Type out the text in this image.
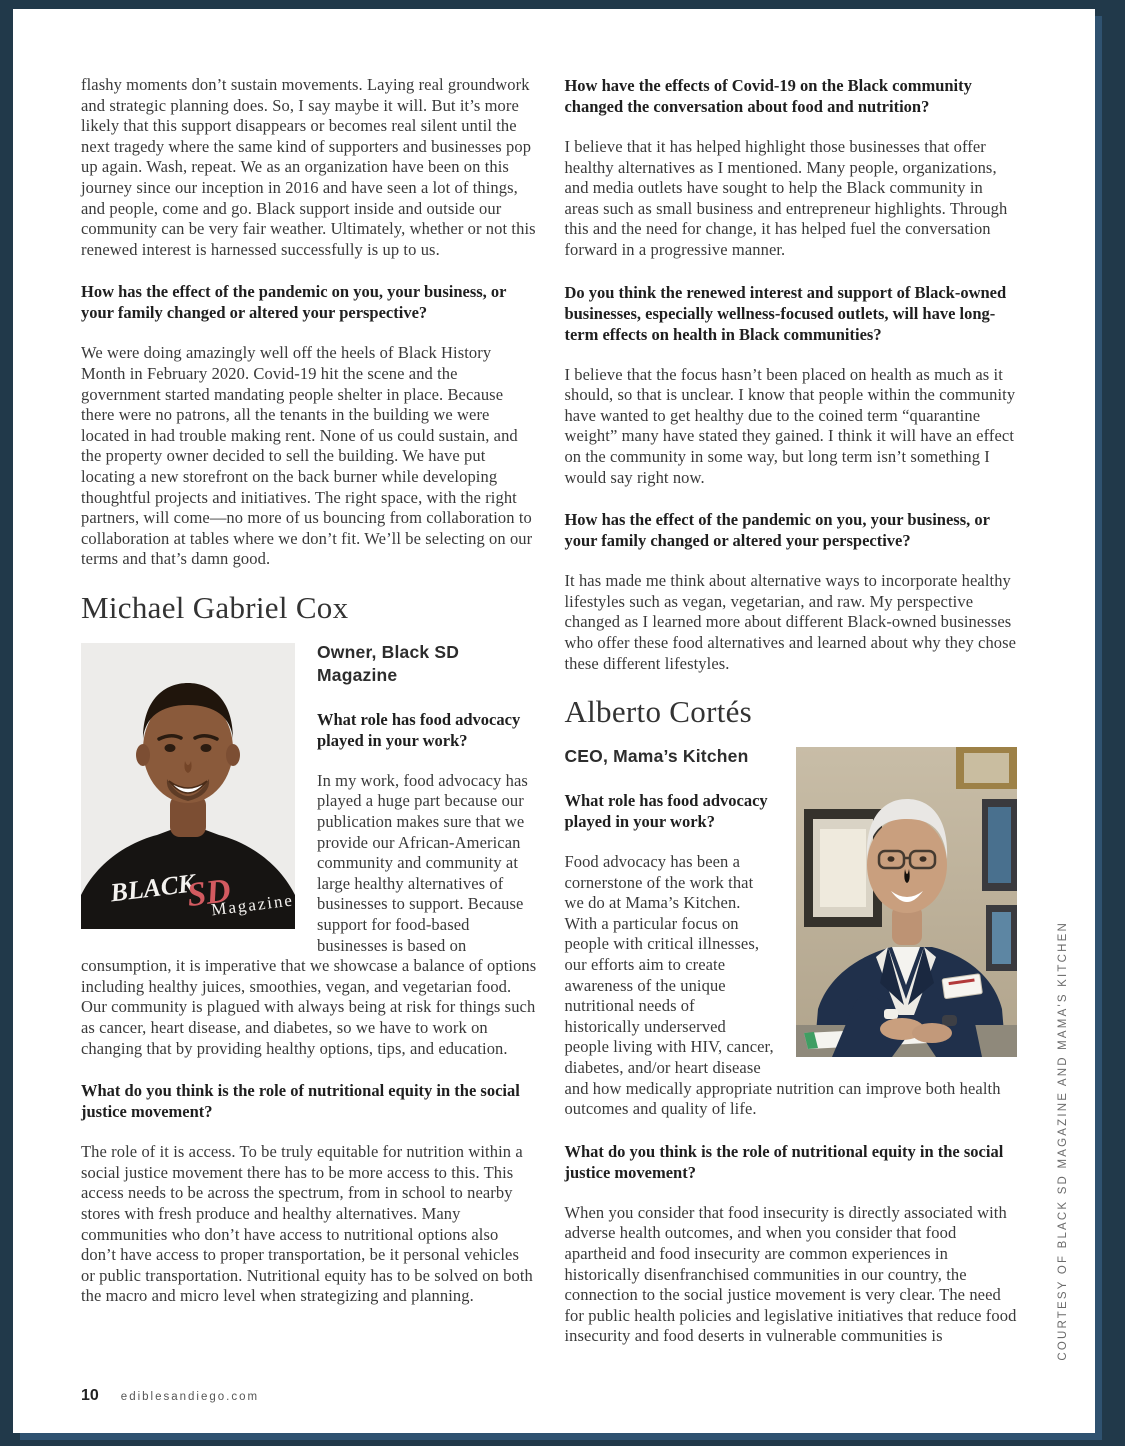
flashy moments don’t sustain movements. Laying real groundwork and strategic planning does. So, I say maybe it will. But it’s more likely that this support disappears or becomes real silent until the next tragedy where the same kind of supporters and businesses pop up again. Wash, repeat. We as an organization have been on this journey since our inception in 2016 and have seen a lot of things, and people, come and go. Black support inside and outside our community can be very fair weather. Ultimately, whether or not this renewed interest is harnessed successfully is up to us.

How has the effect of the pandemic on you, your business, or your family changed or altered your perspective?

We were doing amazingly well off the heels of Black History Month in February 2020. Covid-19 hit the scene and the government started mandating people shelter in place. Because there were no patrons, all the tenants in the building we were located in had trouble making rent. None of us could sustain, and the property owner decided to sell the building. We have put locating a new storefront on the back burner while developing thoughtful projects and initiatives. The right space, with the right partners, will come—no more of us bouncing from collaboration to collaboration at tables where we don’t fit. We’ll be selecting on our terms and that’s damn good.

Michael Gabriel Cox
BLACK
SD
Magazine

Owner, Black SD Magazine

What role has food advocacy played in your work?

In my work, food advocacy has played a huge part because our publication makes sure that we provide our African-American community and community at large healthy alternatives of businesses to support. Because support for food-based businesses is based on consumption, it is imperative that we showcase a balance of options including healthy juices, smoothies, vegan, and vegetarian food. Our community is plagued with always being at risk for things such as cancer, heart disease, and diabetes, so we have to work on changing that by providing healthy options, tips, and education.

What do you think is the role of nutritional equity in the social justice movement?

The role of it is access. To be truly equitable for nutrition within a social justice movement there has to be more access to this. This access needs to be across the spectrum, from in school to nearby stores with fresh produce and healthy alternatives. Many communities who don’t have access to nutritional options also don’t have access to proper transportation, be it personal vehicles or public transportation. Nutritional equity has to be solved on both the macro and micro level when strategizing and planning.

How have the effects of Covid-19 on the Black community changed the conversation about food and nutrition?

I believe that it has helped highlight those businesses that offer healthy alternatives as I mentioned. Many people, organizations, and media outlets have sought to help the Black community in areas such as small business and entrepreneur highlights. Through this and the need for change, it has helped fuel the conversation forward in a progressive manner.

Do you think the renewed interest and support of Black-owned businesses, especially wellness-focused outlets, will have long-term effects on health in Black communities?

I believe that the focus hasn’t been placed on health as much as it should, so that is unclear. I know that people within the community have wanted to get healthy due to the coined term “quarantine weight” many have stated they gained. I think it will have an effect on the community in some way, but long term isn’t something I would say right now.

How has the effect of the pandemic on you, your business, or your family changed or altered your perspective?

It has made me think about alternative ways to incorporate healthy lifestyles such as vegan, vegetarian, and raw. My perspective changed as I learned more about different Black-owned businesses who offer these food alternatives and learned about why they chose these different lifestyles.

Alberto Cortés

CEO, Mama’s Kitchen

What role has food advocacy played in your work?

Food advocacy has been a cornerstone of the work that we do at Mama’s Kitchen. With a particular focus on people with critical illnesses, our efforts aim to create awareness of the unique nutritional needs of historically underserved people living with HIV, cancer, diabetes, and/or heart disease and how medically appropriate nutrition can improve both health outcomes and quality of life.

What do you think is the role of nutritional equity in the social justice movement?

When you consider that food insecurity is directly associated with adverse health outcomes, and when you consider that food apartheid and food insecurity are common experiences in historically disenfranchised communities in our country, the connection to the social justice movement is very clear. The need for public health policies and legislative initiatives that reduce food insecurity and food deserts in vulnerable communities is	COURTESY OF BLACK SD MAGAZINE AND MAMA'S KITCHEN
10 ediblesandiego.com
